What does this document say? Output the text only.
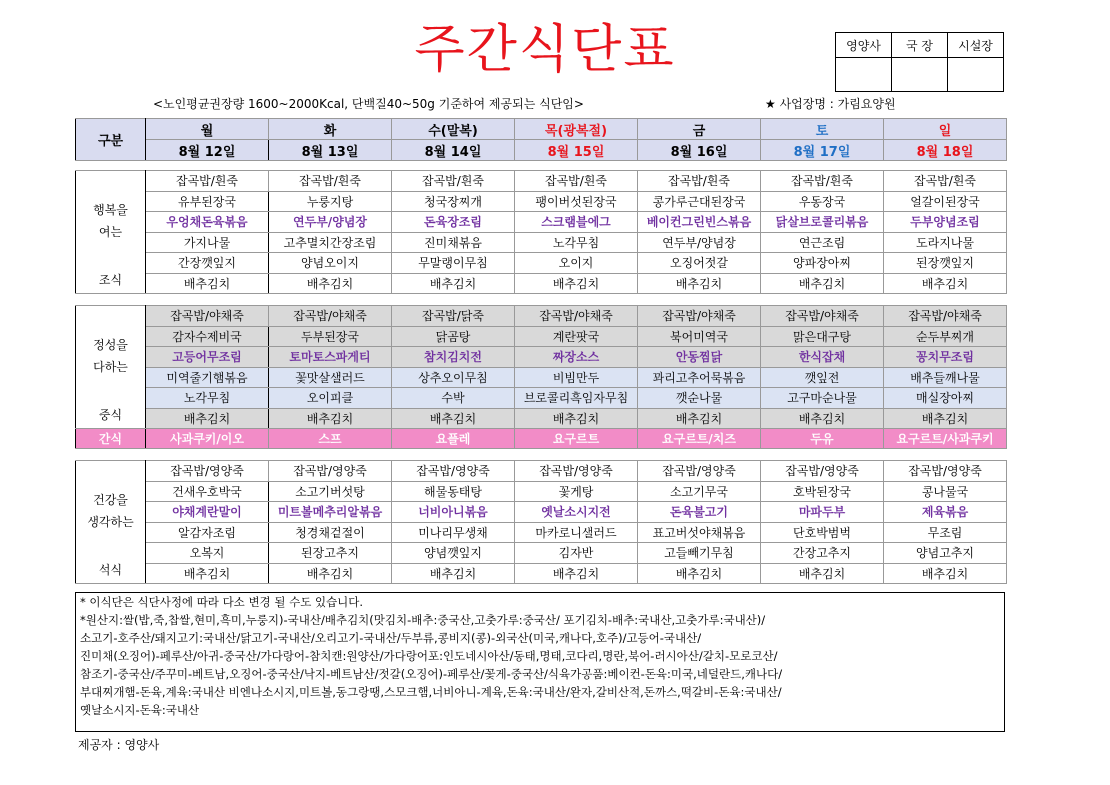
주간식단표	영양사	국 장	시설장

<노인평균권장량 1600~2000Kcal, 단백질40~50g 기준하여 제공되는 식단임>	★ 사업장명 : 가림요양원
구분	월	화	수(말복)	목(광복절)	금	토	일
	8월 12일	8월 13일	8월 14일	8월 15일	8월 16일	8월 17일	8월 18일
행복을
여는
조식	잡곡밥/흰죽	잡곡밥/흰죽	잡곡밥/흰죽	잡곡밥/흰죽	잡곡밥/흰죽	잡곡밥/흰죽	잡곡밥/흰죽
	유부된장국	누룽지탕	청국장찌개	팽이버섯된장국	콩가루근대된장국	우동장국	얼갈이된장국
	우엉채돈육볶음	연두부/양념장	돈육장조림	스크램블에그	베이컨그린빈스볶음	닭살브로콜리볶음	두부양념조림
	가지나물	고추멸치간장조림	진미채볶음	노각무침	연두부/양념장	연근조림	도라지나물
	간장깻잎지	양념오이지	무말랭이무침	오이지	오징어젓갈	양파장아찌	된장깻잎지
	배추김치	배추김치	배추김치	배추김치	배추김치	배추김치	배추김치
정성을
다하는
중식	잡곡밥/야채죽	잡곡밥/야채죽	잡곡밥/닭죽	잡곡밥/야채죽	잡곡밥/야채죽	잡곡밥/야채죽	잡곡밥/야채죽
	감자수제비국	두부된장국	닭곰탕	계란팟국	북어미역국	맑은대구탕	순두부찌개
	고등어무조림	토마토스파게티	참치김치전	짜장소스	안동찜닭	한식잡채	꽁치무조림
	미역줄기햄볶음	꽃맛살샐러드	상추오이무침	비빔만두	꽈리고추어묵볶음	깻잎전	배추들깨나물
	노각무침	오이피클	수박	브로콜리흑임자무침	깻순나물	고구마순나물	매실장아찌
	배추김치	배추김치	배추김치	배추김치	배추김치	배추김치	배추김치
간식	사과쿠키/이오	스프	요플레	요구르트	요구르트/치즈	두유	요구르트/사과쿠키
건강을
생각하는
석식	잡곡밥/영양죽	잡곡밥/영양죽	잡곡밥/영양죽	잡곡밥/영양죽	잡곡밥/영양죽	잡곡밥/영양죽	잡곡밥/영양죽
	건새우호박국	소고기버섯탕	해물동태탕	꽃게탕	소고기무국	호박된장국	콩나물국
	야채계란말이	미트볼메추리알볶음	너비아니볶음	옛날소시지전	돈육불고기	마파두부	제육볶음
	알감자조림	청경채겉절이	미나리무생채	마카로니샐러드	표고버섯야채볶음	단호박범벅	무조림
	오복지	된장고추지	양념깻잎지	김자반	고들빼기무침	간장고추지	양념고추지
	배추김치	배추김치	배추김치	배추김치	배추김치	배추김치	배추김치
* 이식단은 식단사정에 따라 다소 변경 될 수도 있습니다.
*원산지:쌀(밥,죽,찹쌀,현미,흑미,누룽지)-국내산/배추김치(맛김치-배추:중국산,고춧가루:중국산/ 포기김치-배추:국내산,고춧가루:국내산)/
소고기-호주산/돼지고기:국내산/닭고기-국내산/오리고기-국내산/두부류,콩비지(콩)-외국산(미국,캐나다,호주)/고등어-국내산/
진미채(오징어)-페루산/아귀-중국산/가다랑어-참치캔:원양산/가다랑어포:인도네시아산/동태,명태,코다리,명란,북어-러시아산/갈치-모로코산/
참조기-중국산/주꾸미-베트남,오징어-중국산/낙지-베트남산/젓갈(오징어)-페루산/꽃게-중국산/식육가공품:베이컨-돈육:미국,네덜란드,캐나다/
부대찌개햄-돈육,계육:국내산 비엔나소시지,미트볼,동그랑땡,스모크햄,너비아니-계육,돈육:국내산/완자,갈비산적,돈까스,떡갈비-돈육:국내산/
옛날소시지-돈육:국내산
제공자 : 영양사
